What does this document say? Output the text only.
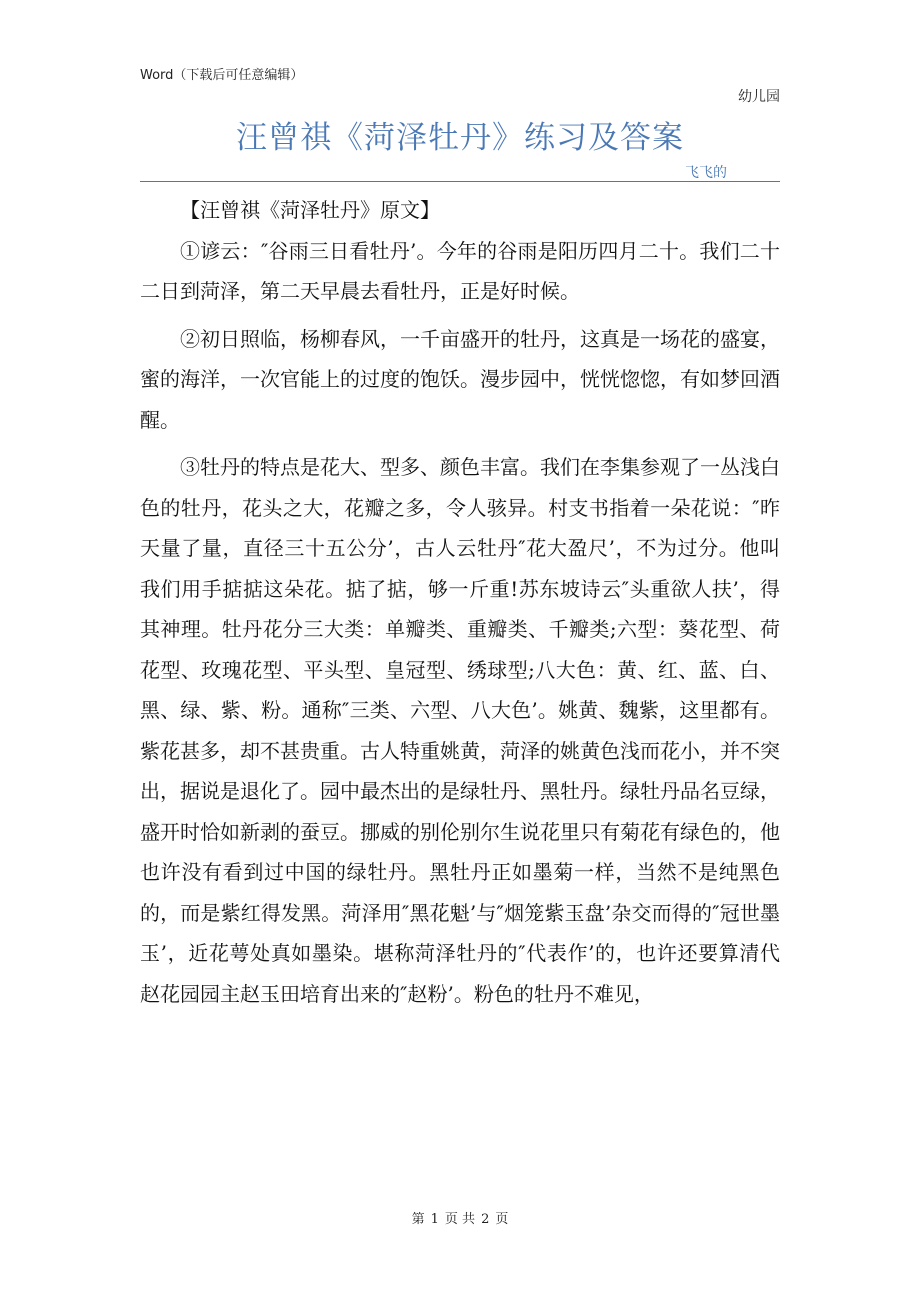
Word（下载后可任意编辑）
幼儿园
汪曾祺《菏泽牡丹》练习及答案
飞飞的

【汪曾祺《菏泽牡丹》原文】

①谚云：″谷雨三日看牡丹’。今年的谷雨是阳历四月二十。我们二十二日到菏泽，第二天早晨去看牡丹，正是好时候。

②初日照临，杨柳春风，一千亩盛开的牡丹，这真是一场花的盛宴，蜜的海洋，一次官能上的过度的饱饫。漫步园中，恍恍惚惚，有如梦回酒醒。

③牡丹的特点是花大、型多、颜色丰富。我们在李集参观了一丛浅白色的牡丹，花头之大，花瓣之多，令人骇异。村支书指着一朵花说：″昨天量了量，直径三十五公分’，古人云牡丹″花大盈尺’，不为过分。他叫我们用手掂掂这朵花。掂了掂，够一斤重!苏东坡诗云″头重欲人扶’，得其神理。牡丹花分三大类：单瓣类、重瓣类、千瓣类;六型：葵花型、荷花型、玫瑰花型、平头型、皇冠型、绣球型;八大色：黄、红、蓝、白、黑、绿、紫、粉。通称″三类、六型、八大色’。姚黄、魏紫，这里都有。紫花甚多，却不甚贵重。古人特重姚黄，菏泽的姚黄色浅而花小，并不突出，据说是退化了。园中最杰出的是绿牡丹、黑牡丹。绿牡丹品名豆绿，盛开时恰如新剥的蚕豆。挪威的别伦别尔生说花里只有菊花有绿色的，他也许没有看到过中国的绿牡丹。黑牡丹正如墨菊一样，当然不是纯黑色的，而是紫红得发黑。菏泽用″黑花魁’与″烟笼紫玉盘’杂交而得的″冠世墨玉’，近花萼处真如墨染。堪称菏泽牡丹的″代表作’的，也许还要算清代赵花园园主赵玉田培育出来的″赵粉’。粉色的牡丹不难见，

第 1 页 共 2 页
